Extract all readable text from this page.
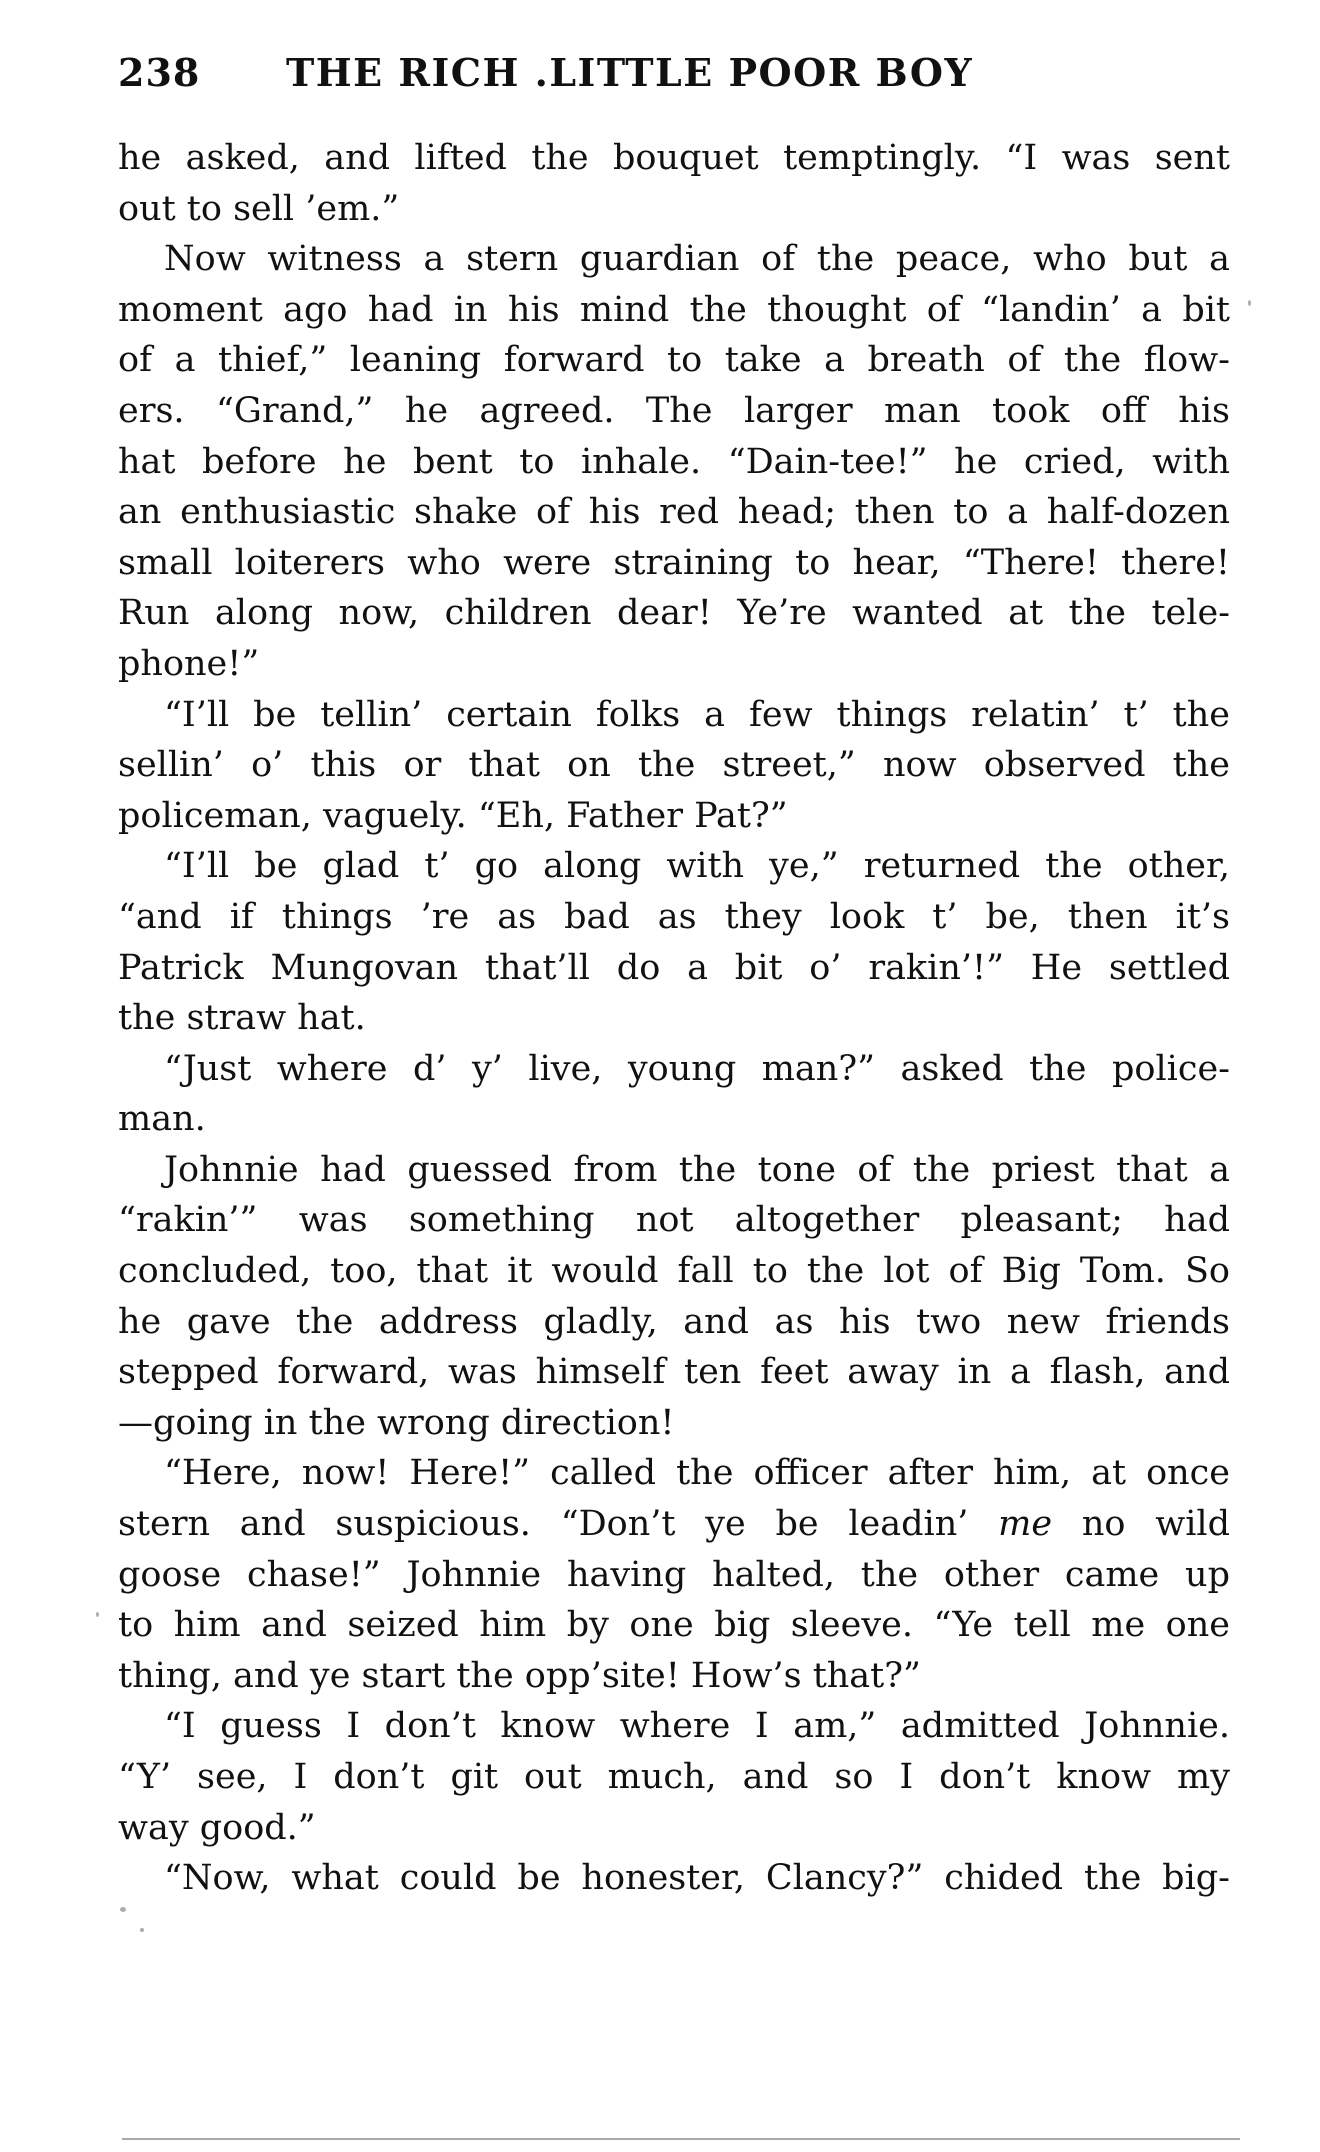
238 THE RICH .LITTLE POOR BOY
he asked, and lifted the bouquet temptingly. “I was sent
out to sell ’em.”
Now witness a stern guardian of the peace, who but a
moment ago had in his mind the thought of “landin’ a bit
of a thief,” leaning forward to take a breath of the flow-
ers. “Grand,” he agreed. The larger man took off his
hat before he bent to inhale. “Dain-tee!” he cried, with
an enthusiastic shake of his red head; then to a half-dozen
small loiterers who were straining to hear, “There! there!
Run along now, children dear! Ye’re wanted at the tele-
phone!”
“I’ll be tellin’ certain folks a few things relatin’ t’ the
sellin’ o’ this or that on the street,” now observed the
policeman, vaguely. “Eh, Father Pat?”
“I’ll be glad t’ go along with ye,” returned the other,
“and if things ’re as bad as they look t’ be, then it’s
Patrick Mungovan that’ll do a bit o’ rakin’!” He settled
the straw hat.
“Just where d’ y’ live, young man?” asked the police-
man.
Johnnie had guessed from the tone of the priest that a
“rakin’” was something not altogether pleasant; had
concluded, too, that it would fall to the lot of Big Tom. So
he gave the address gladly, and as his two new friends
stepped forward, was himself ten feet away in a flash, and
—going in the wrong direction!
“Here, now! Here!” called the officer after him, at once
stern and suspicious. “Don’t ye be leadin’ me no wild
goose chase!” Johnnie having halted, the other came up
to him and seized him by one big sleeve. “Ye tell me one
thing, and ye start the opp’site! How’s that?”
“I guess I don’t know where I am,” admitted Johnnie.
“Y’ see, I don’t git out much, and so I don’t know my
way good.”
“Now, what could be honester, Clancy?” chided the big-
